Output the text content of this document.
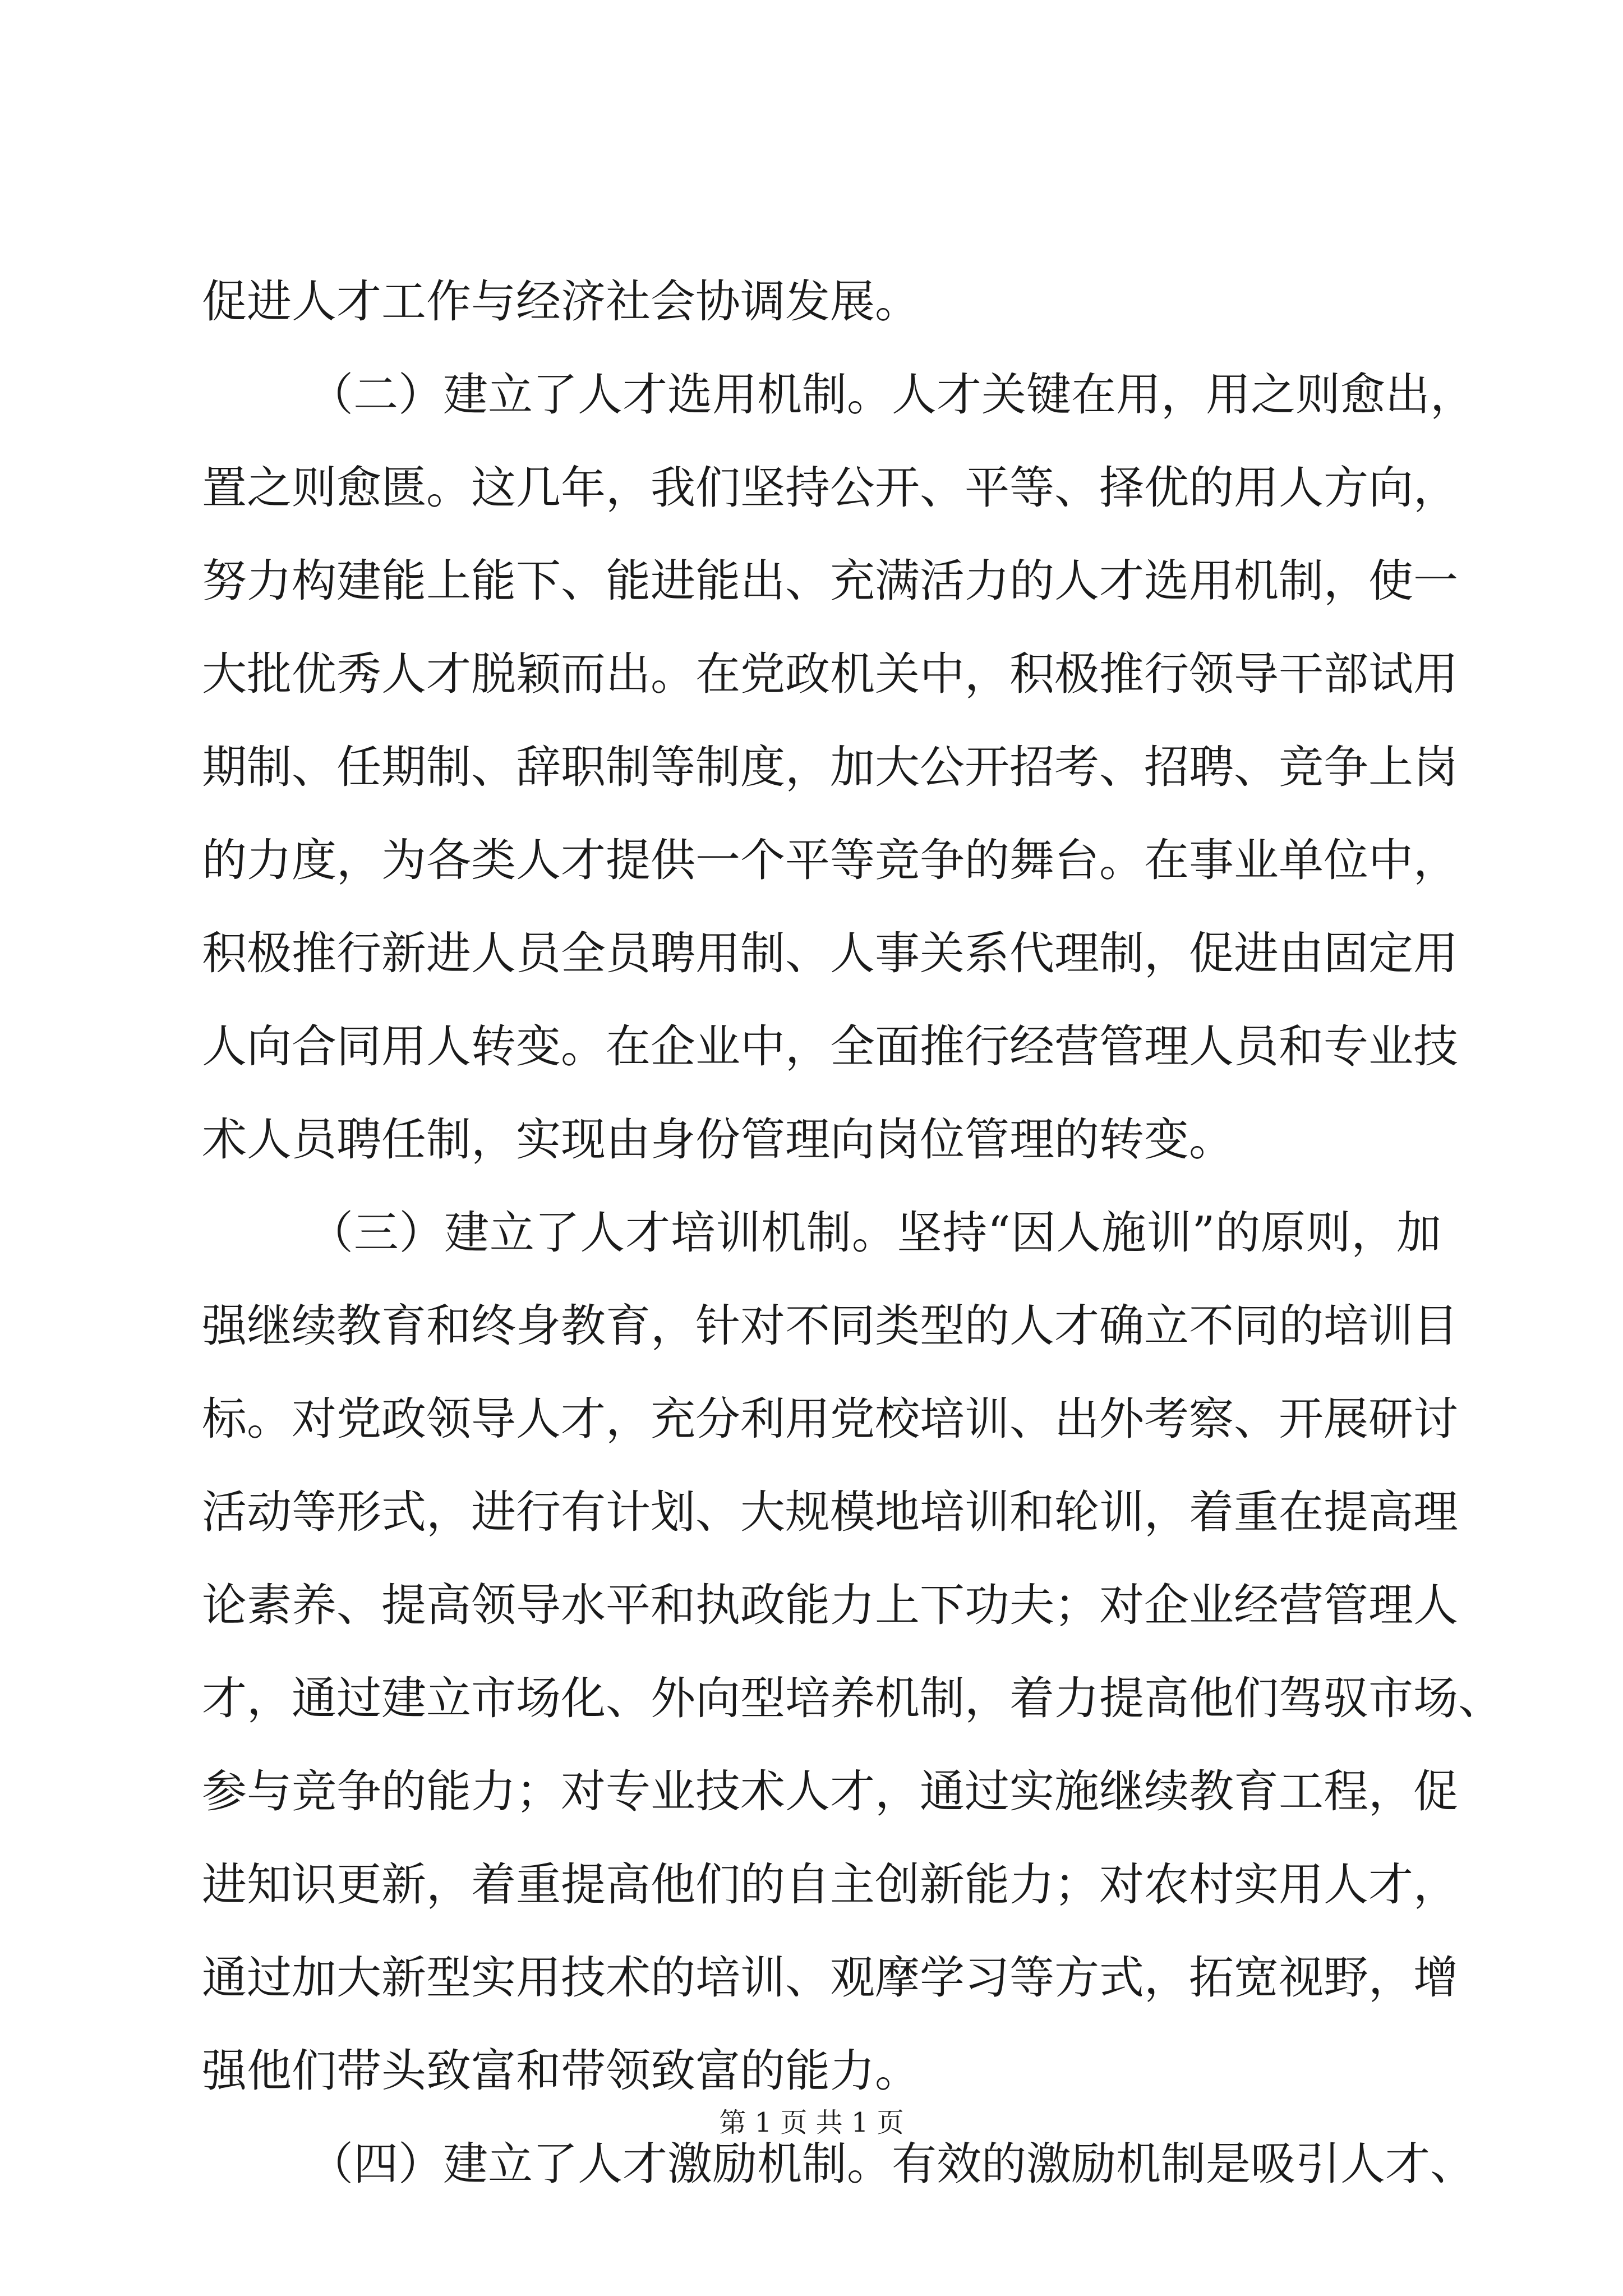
促进人才工作与经济社会协调发展。
（二）建立了人才选用机制。人才关键在用，用之则愈出，
置之则愈匮。这几年，我们坚持公开、平等、择优的用人方向，
努力构建能上能下、能进能出、充满活力的人才选用机制，使一
大批优秀人才脱颖而出。在党政机关中，积极推行领导干部试用
期制、任期制、辞职制等制度，加大公开招考、招聘、竞争上岗
的力度，为各类人才提供一个平等竞争的舞台。在事业单位中，
积极推行新进人员全员聘用制、人事关系代理制，促进由固定用
人向合同用人转变。在企业中，全面推行经营管理人员和专业技
术人员聘任制，实现由身份管理向岗位管理的转变。
（三）建立了人才培训机制。坚持“因人施训”的原则，加
强继续教育和终身教育，针对不同类型的人才确立不同的培训目
标。对党政领导人才，充分利用党校培训、出外考察、开展研讨
活动等形式，进行有计划、大规模地培训和轮训，着重在提高理
论素养、提高领导水平和执政能力上下功夫；对企业经营管理人
才，通过建立市场化、外向型培养机制，着力提高他们驾驭市场、
参与竞争的能力；对专业技术人才，通过实施继续教育工程，促
进知识更新，着重提高他们的自主创新能力；对农村实用人才，
通过加大新型实用技术的培训、观摩学习等方式，拓宽视野，增
强他们带头致富和带领致富的能力。
（四）建立了人才激励机制。有效的激励机制是吸引人才、
第 1 页 共 1 页
